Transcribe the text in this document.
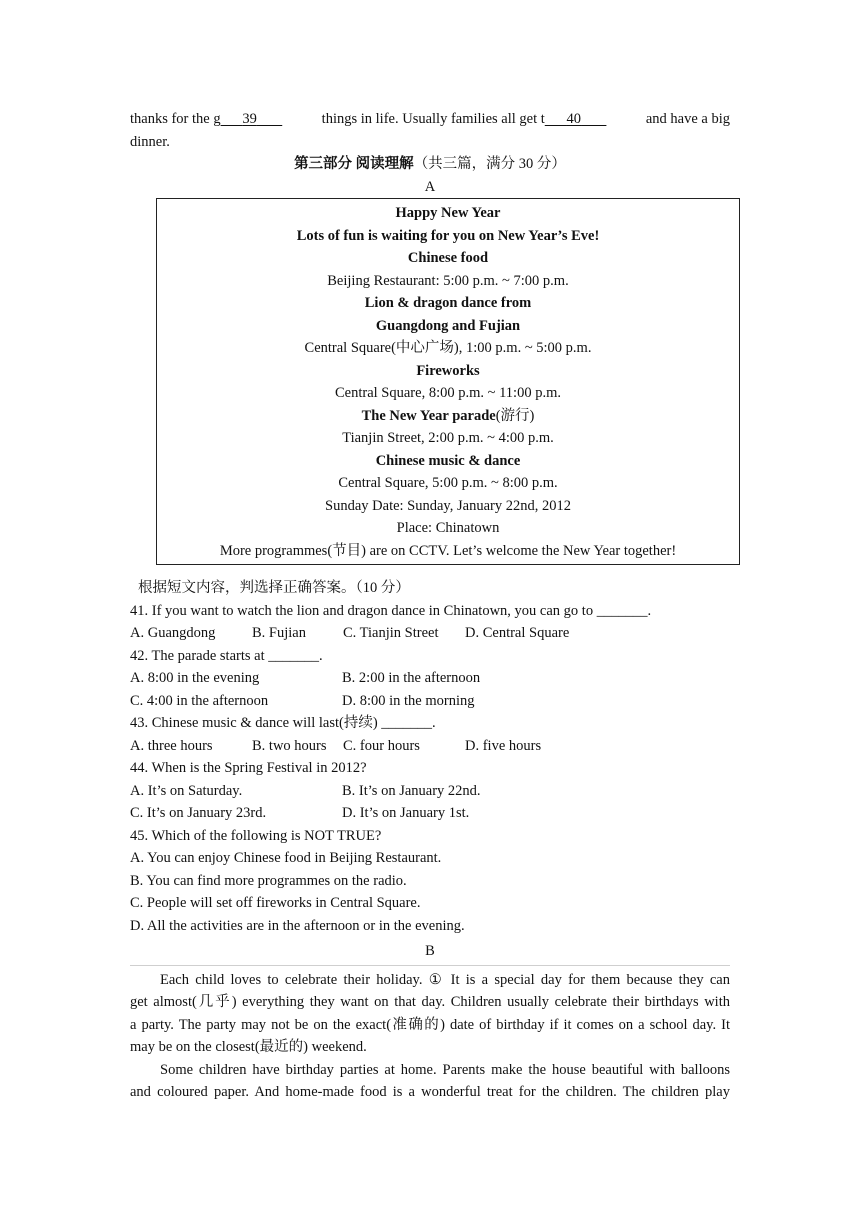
thanks for the g 39	things in life. Usually families all get t 40	and have a big
dinner.
第三部分 阅读理解（共三篇，满分 30 分）
A
Happy New Year
Lots of fun is waiting for you on New Year’s Eve!
Chinese food
Beijing Restaurant: 5:00 p.m. ~ 7:00 p.m.
Lion & dragon dance from
Guangdong and Fujian
Central Square(中心广场), 1:00 p.m. ~ 5:00 p.m.
Fireworks
Central Square, 8:00 p.m. ~ 11:00 p.m.
The New Year parade(游行)
Tianjin Street, 2:00 p.m. ~ 4:00 p.m.
Chinese music & dance
Central Square, 5:00 p.m. ~ 8:00 p.m.
Sunday Date: Sunday, January 22nd, 2012
Place: Chinatown
More programmes(节目) are on CCTV. Let’s welcome the New Year together!
根据短文内容，判选择正确答案。（10 分）
41. If you want to watch the lion and dragon dance in Chinatown, you can go to _______.
A. Guangdong	B. Fujian	C. Tianjin Street D. Central Square
42. The parade starts at _______.
A. 8:00 in the evening	B. 2:00 in the afternoon
C. 4:00 in the afternoon	D. 8:00 in the morning
43. Chinese music & dance will last(持续) _______.
A. three hours	B. two hours C. four hours	D. five hours
44. When is the Spring Festival in 2012?
A. It’s on Saturday.	B. It’s on January 22nd.
C. It’s on January 23rd.	D. It’s on January 1st.
45. Which of the following is NOT TRUE?
A. You can enjoy Chinese food in Beijing Restaurant.
B. You can find more programmes on the radio.
C. People will set off fireworks in Central Square.
D. All the activities are in the afternoon or in the evening.
B
Each child loves to celebrate their holiday. ① It is a special day for them because they can
get almost(几乎) everything they want on that day. Children usually celebrate their birthdays with
a party. The party may not be on the exact(准确的) date of birthday if it comes on a school day. It
may be on the closest(最近的) weekend.
Some children have birthday parties at home. Parents make the house beautiful with balloons
and coloured paper. And home-made food is a wonderful treat for the children. The children play
